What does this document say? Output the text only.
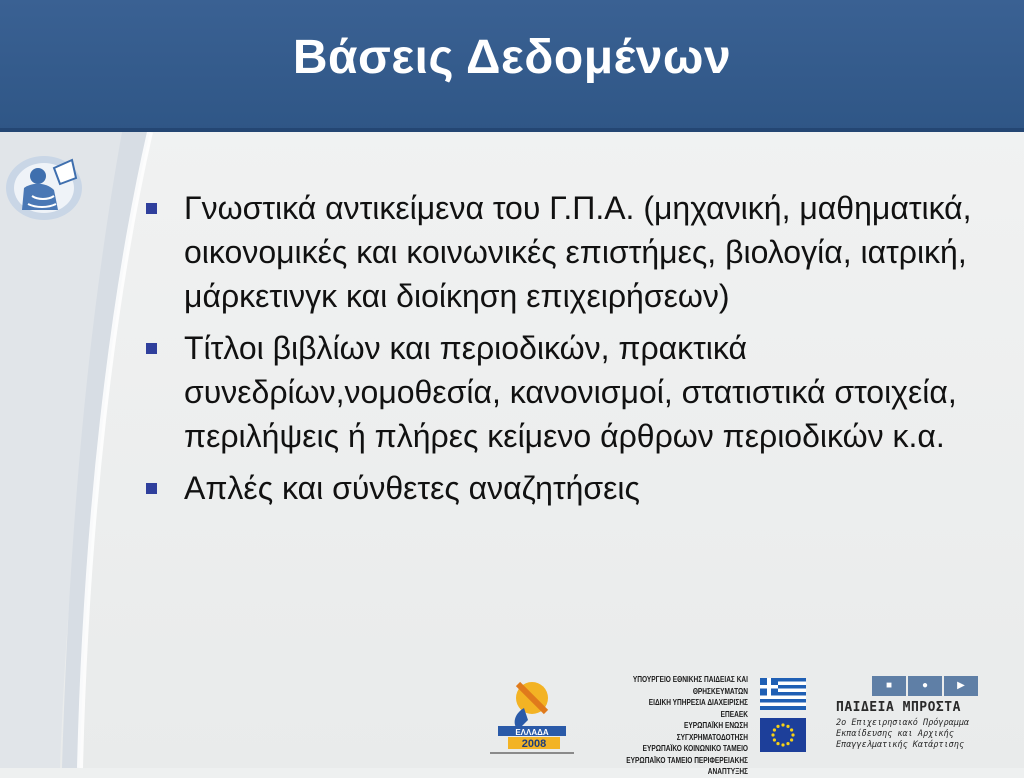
Βάσεις Δεδομένων
Γνωστικά αντικείμενα του Γ.Π.Α. (μηχανική, μαθηματικά, οικονομικές και κοινωνικές επιστήμες, βιολογία, ιατρική, μάρκετινγκ και διοίκηση επιχειρήσεων)
Τίτλοι βιβλίων και περιοδικών, πρακτικά συνεδρίων,νομοθεσία, κανονισμοί, στατιστικά στοιχεία, περιλήψεις ή πλήρες κείμενο άρθρων περιοδικών κ.α.
Απλές και σύνθετες αναζητήσεις
ΕΛΛΑΔΑ
2008
ΥΠΟΥΡΓΕΙΟ ΕΘΝΙΚΗΣ ΠΑΙΔΕΙΑΣ ΚΑΙ ΘΡΗΣΚΕΥΜΑΤΩΝ
ΕΙΔΙΚΗ ΥΠΗΡΕΣΙΑ ΔΙΑΧΕΙΡΙΣΗΣ ΕΠΕΑΕΚ
ΕΥΡΩΠΑΪΚΗ ΕΝΩΣΗ
ΣΥΓΧΡΗΜΑΤΟΔΟΤΗΣΗ
ΕΥΡΩΠΑΪΚΟ ΚΟΙΝΩΝΙΚΟ ΤΑΜΕΙΟ
ΕΥΡΩΠΑΪΚΟ ΤΑΜΕΙΟ ΠΕΡΙΦΕΡΕΙΑΚΗΣ ΑΝΑΠΤΥΞΗΣ
■	●	▶
ΠΑΙΔΕΙΑ ΜΠΡΟΣΤΑ
2ο Επιχειρησιακό Πρόγραμμα
Εκπαίδευσης και Αρχικής
Επαγγελματικής Κατάρτισης
